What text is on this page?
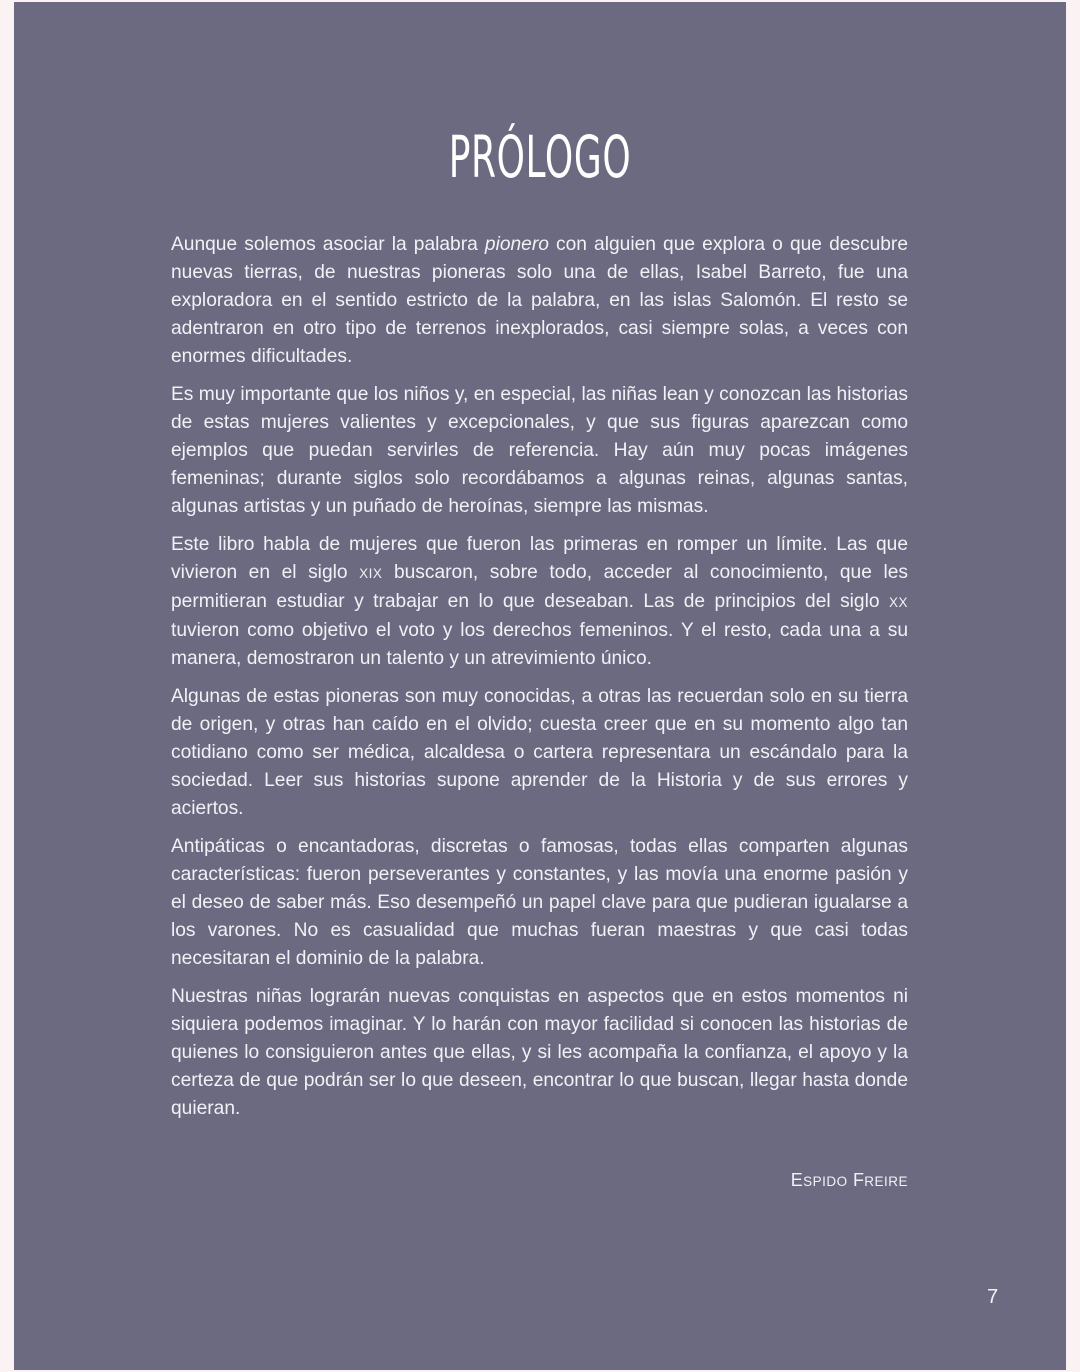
PRÓLOGO

Aunque solemos asociar la palabra pionero con alguien que explora o que descubre nuevas tierras, de nuestras pioneras solo una de ellas, Isabel Barreto, fue una exploradora en el sentido estricto de la palabra, en las islas Salomón. El resto se adentraron en otro tipo de terrenos inexplorados, casi siempre solas, a veces con enormes dificultades.

Es muy importante que los niños y, en especial, las niñas lean y conozcan las historias de estas mujeres valientes y excepcionales, y que sus figuras aparezcan como ejemplos que puedan servirles de referencia. Hay aún muy pocas imágenes femeninas; durante siglos solo recordábamos a algunas reinas, algunas santas, algunas artistas y un puñado de heroínas, siempre las mismas.

Este libro habla de mujeres que fueron las primeras en romper un límite. Las que vivieron en el siglo XIX buscaron, sobre todo, acceder al conocimiento, que les permitieran estudiar y trabajar en lo que deseaban. Las de principios del siglo XX tuvieron como objetivo el voto y los derechos femeninos. Y el resto, cada una a su manera, demostraron un talento y un atrevimiento único.

Algunas de estas pioneras son muy conocidas, a otras las recuerdan solo en su tierra de origen, y otras han caído en el olvido; cuesta creer que en su momento algo tan cotidiano como ser médica, alcaldesa o cartera representara un escándalo para la sociedad. Leer sus historias supone aprender de la Historia y de sus errores y aciertos.

Antipáticas o encantadoras, discretas o famosas, todas ellas comparten algunas características: fueron perseverantes y constantes, y las movía una enorme pasión y el deseo de saber más. Eso desempeñó un papel clave para que pudieran igualarse a los varones. No es casualidad que muchas fueran maestras y que casi todas necesitaran el dominio de la palabra.

Nuestras niñas lograrán nuevas conquistas en aspectos que en estos momentos ni siquiera podemos imaginar. Y lo harán con mayor facilidad si conocen las historias de quienes lo consiguieron antes que ellas, y si les acompaña la confianza, el apoyo y la certeza de que podrán ser lo que deseen, encontrar lo que buscan, llegar hasta donde quieran.

ESPIDO FREIRE
7
